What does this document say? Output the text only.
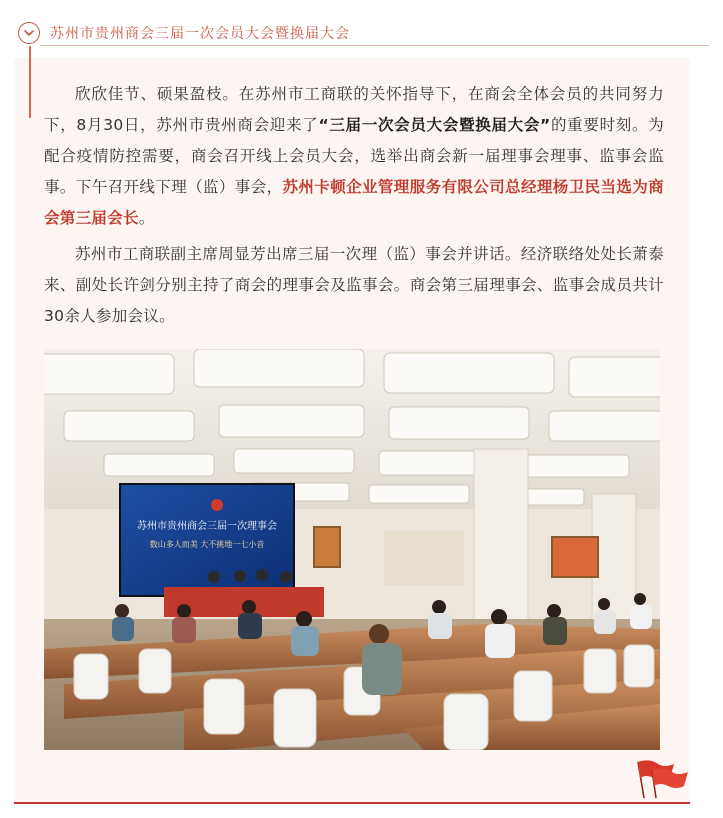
苏州市贵州商会三届一次会员大会暨换届大会

欣欣佳节、硕果盈枝。在苏州市工商联的关怀指导下，在商会全体会员的共同努力下，8月30日，苏州市贵州商会迎来了“三届一次会员大会暨换届大会”的重要时刻。为配合疫情防控需要，商会召开线上会员大会，选举出商会新一届理事会理事、监事会监事。下午召开线下理（监）事会，苏州卡顿企业管理服务有限公司总经理杨卫民当选为商会第三届会长。

苏州市工商联副主席周显芳出席三届一次理（监）事会并讲话。经济联络处处长萧泰来、副处长许剑分别主持了商会的理事会及监事会。商会第三届理事会、监事会成员共计30余人参加会议。

苏州市贵州商会三届一次理事会
数山多人而美 大不挑地一七小音
